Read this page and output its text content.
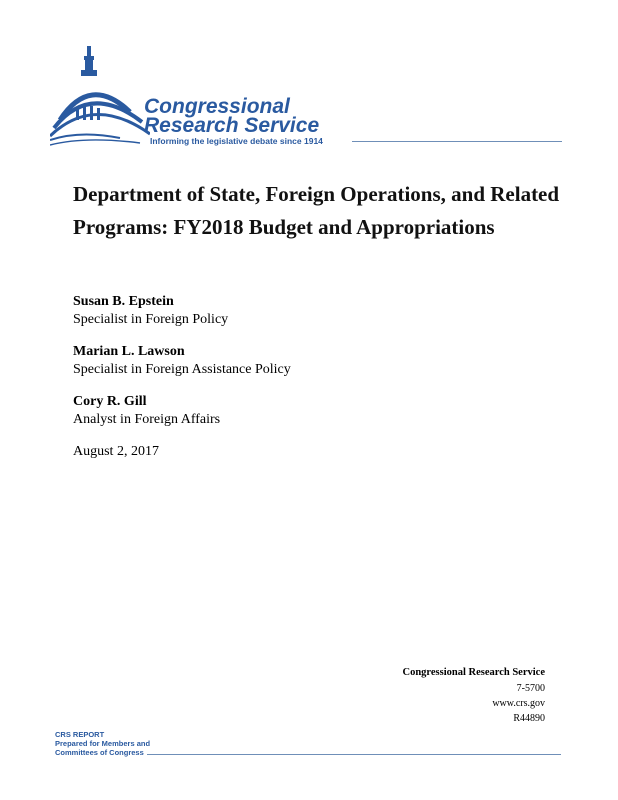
Congressional
Research Service
Informing the legislative debate since 1914
Department of State, Foreign Operations, and Related Programs: FY2018 Budget and Appropriations
Susan B. Epstein
Specialist in Foreign Policy
Marian L. Lawson
Specialist in Foreign Assistance Policy
Cory R. Gill
Analyst in Foreign Affairs
August 2, 2017
Congressional Research Service
7-5700
www.crs.gov
R44890
CRS REPORT
Prepared for Members and
Committees of Congress
